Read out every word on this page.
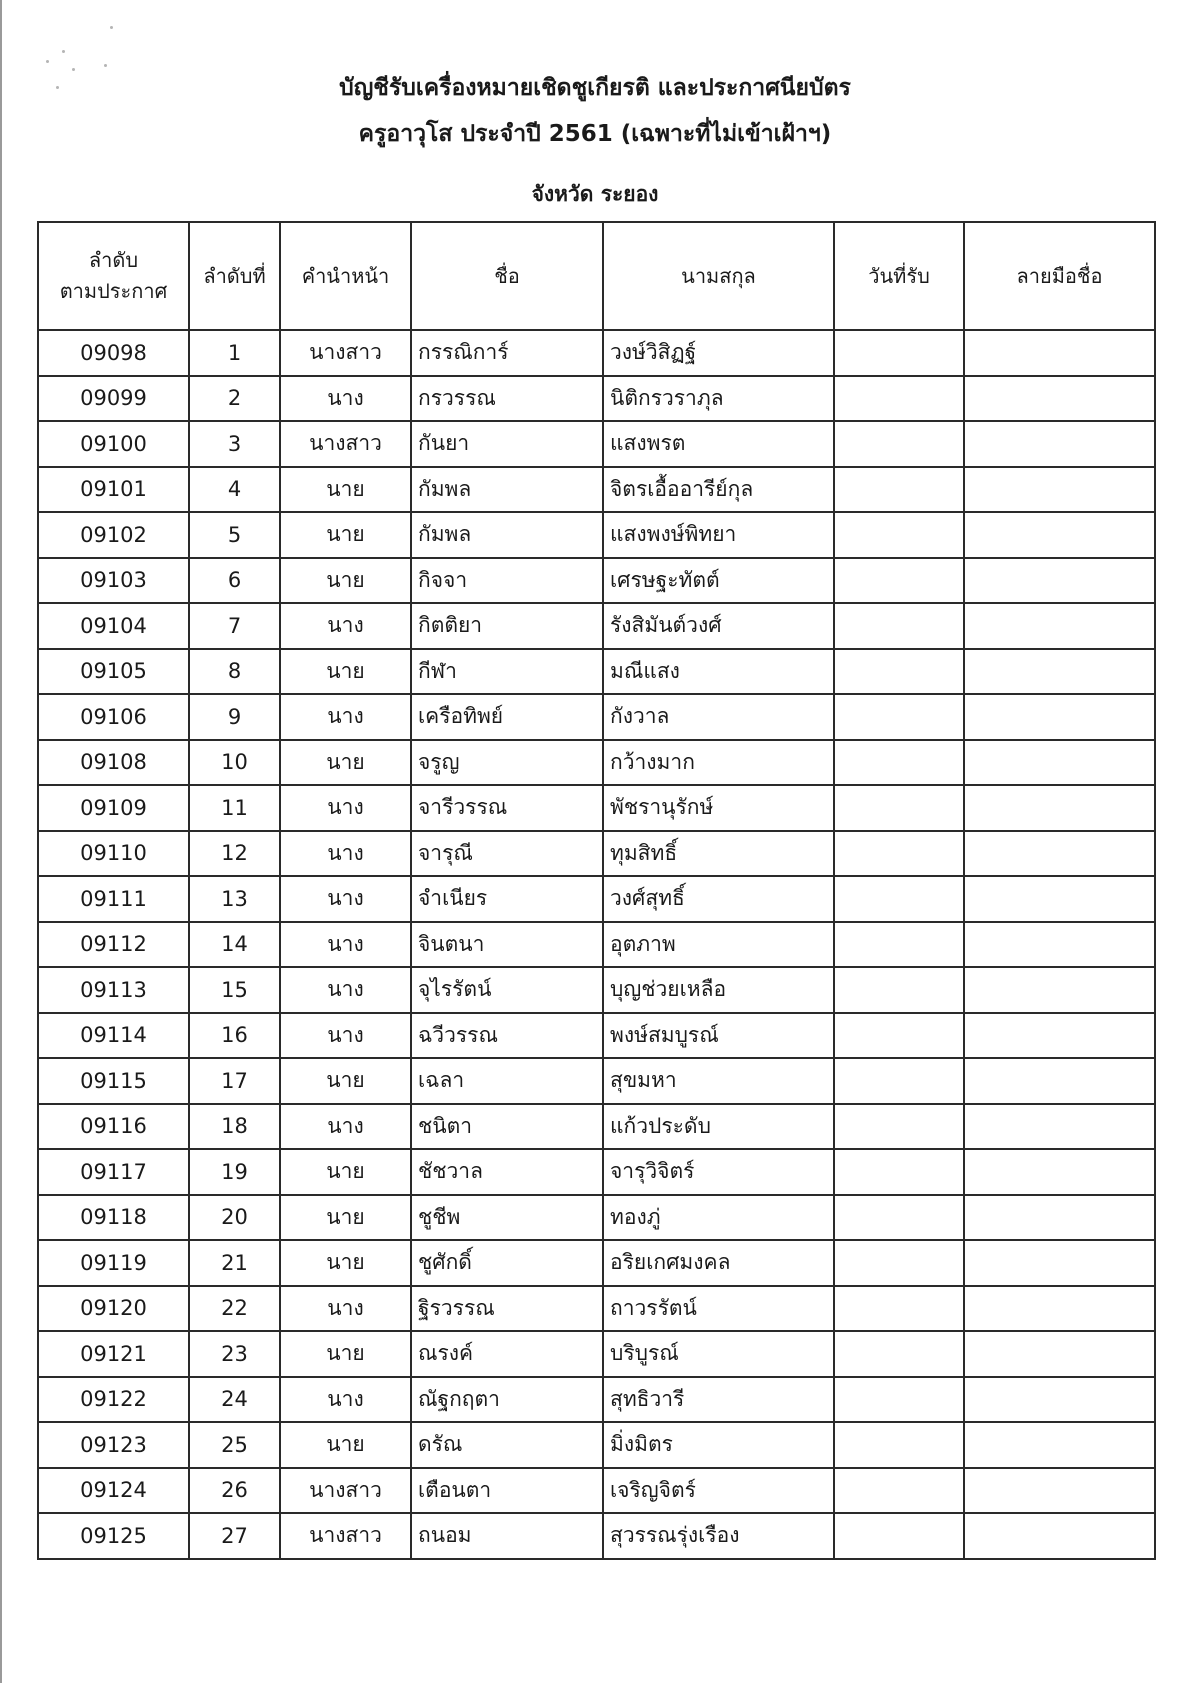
บัญชีรับเครื่องหมายเชิดชูเกียรติ และประกาศนียบัตร
ครูอาวุโส ประจำปี 2561 (เฉพาะที่ไม่เข้าเฝ้าฯ)
จังหวัด ระยอง
ลำดับ
ตามประกาศ	ลำดับที่	คำนำหน้า	ชื่อ	นามสกุล	วันที่รับ	ลายมือชื่อ
09098	1	นางสาว	กรรณิการ์	วงษ์วิสิฏฐ์		
09099	2	นาง	กรวรรณ	นิติกรวราภุล		
09100	3	นางสาว	กันยา	แสงพรต		
09101	4	นาย	กัมพล	จิตรเอื้ออารีย์กุล		
09102	5	นาย	กัมพล	แสงพงษ์พิทยา		
09103	6	นาย	กิจจา	เศรษฐะทัตต์		
09104	7	นาง	กิตติยา	รังสิมันต์วงศ์		
09105	8	นาย	กีฬา	มณีแสง		
09106	9	นาง	เครือทิพย์	กังวาล		
09108	10	นาย	จรูญ	กว้างมาก		
09109	11	นาง	จารีวรรณ	พัชรานุรักษ์		
09110	12	นาง	จารุณี	ทุมสิทธิ์		
09111	13	นาง	จำเนียร	วงศ์สุทธิ์		
09112	14	นาง	จินตนา	อุตภาพ		
09113	15	นาง	จุไรรัตน์	บุญช่วยเหลือ		
09114	16	นาง	ฉวีวรรณ	พงษ์สมบูรณ์		
09115	17	นาย	เฉลา	สุขมหา		
09116	18	นาง	ชนิตา	แก้วประดับ		
09117	19	นาย	ชัชวาล	จารุวิจิตร์		
09118	20	นาย	ชูชีพ	ทองภู่		
09119	21	นาย	ชูศักดิ์	อริยเกศมงคล		
09120	22	นาง	ฐิรวรรณ	ถาวรรัตน์		
09121	23	นาย	ณรงค์	บริบูรณ์		
09122	24	นาง	ณัฐกฤตา	สุทธิวารี		
09123	25	นาย	ดรัณ	มิ่งมิตร		
09124	26	นางสาว	เตือนตา	เจริญจิตร์		
09125	27	นางสาว	ถนอม	สุวรรณรุ่งเรือง		
